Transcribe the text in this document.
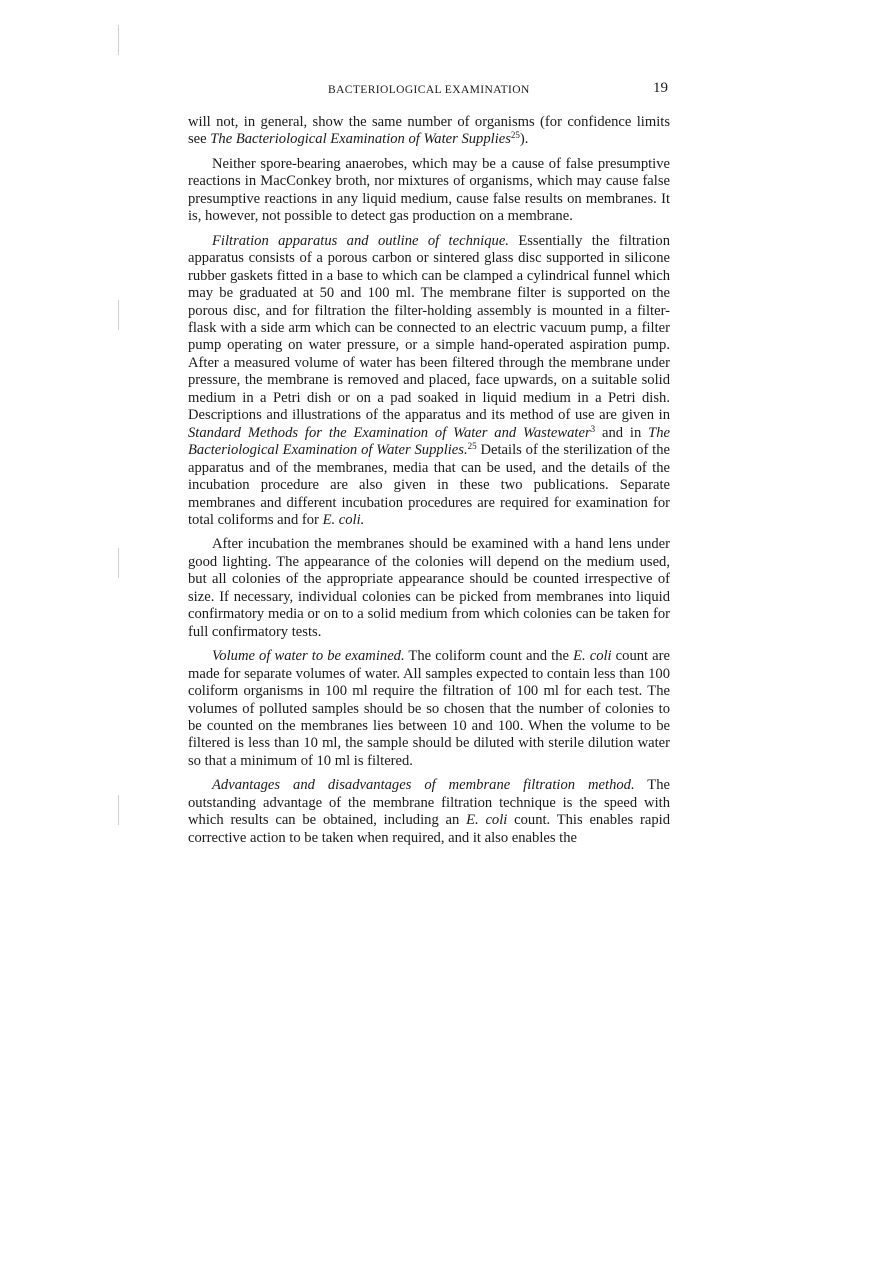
BACTERIOLOGICAL EXAMINATION	19

will not, in general, show the same number of organisms (for confidence limits see The Bacteriological Examination of Water Supplies$^{25}$).

Neither spore-bearing anaerobes, which may be a cause of false presumptive reactions in MacConkey broth, nor mixtures of organisms, which may cause false presumptive reactions in any liquid medium, cause false results on membranes. It is, however, not possible to detect gas production on a membrane.

Filtration apparatus and outline of technique. Essentially the filtration apparatus consists of a porous carbon or sintered glass disc supported in silicone rubber gaskets fitted in a base to which can be clamped a cylindrical funnel which may be graduated at 50 and 100 ml. The membrane filter is supported on the porous disc, and for filtration the filter-holding assembly is mounted in a filter-flask with a side arm which can be connected to an electric vacuum pump, a filter pump operating on water pressure, or a simple hand-operated aspiration pump. After a measured volume of water has been filtered through the membrane under pressure, the membrane is removed and placed, face upwards, on a suitable solid medium in a Petri dish or on a pad soaked in liquid medium in a Petri dish. Descriptions and illustrations of the apparatus and its method of use are given in Standard Methods for the Examination of Water and Wastewater$^3$ and in The Bacteriological Examination of Water Supplies.$^{25}$ Details of the sterilization of the apparatus and of the membranes, media that can be used, and the details of the incubation procedure are also given in these two publications. Separate membranes and different incubation procedures are required for examination for total coliforms and for E. coli.

After incubation the membranes should be examined with a hand lens under good lighting. The appearance of the colonies will depend on the medium used, but all colonies of the appropriate appearance should be counted irrespective of size. If necessary, individual colonies can be picked from membranes into liquid confirmatory media or on to a solid medium from which colonies can be taken for full confirmatory tests.

Volume of water to be examined. The coliform count and the E. coli count are made for separate volumes of water. All samples expected to contain less than 100 coliform organisms in 100 ml require the filtration of 100 ml for each test. The volumes of polluted samples should be so chosen that the number of colonies to be counted on the membranes lies between 10 and 100. When the volume to be filtered is less than 10 ml, the sample should be diluted with sterile dilution water so that a minimum of 10 ml is filtered.

Advantages and disadvantages of membrane filtration method. The outstanding advantage of the membrane filtration technique is the speed with which results can be obtained, including an E. coli count. This enables rapid corrective action to be taken when required, and it also enables the
